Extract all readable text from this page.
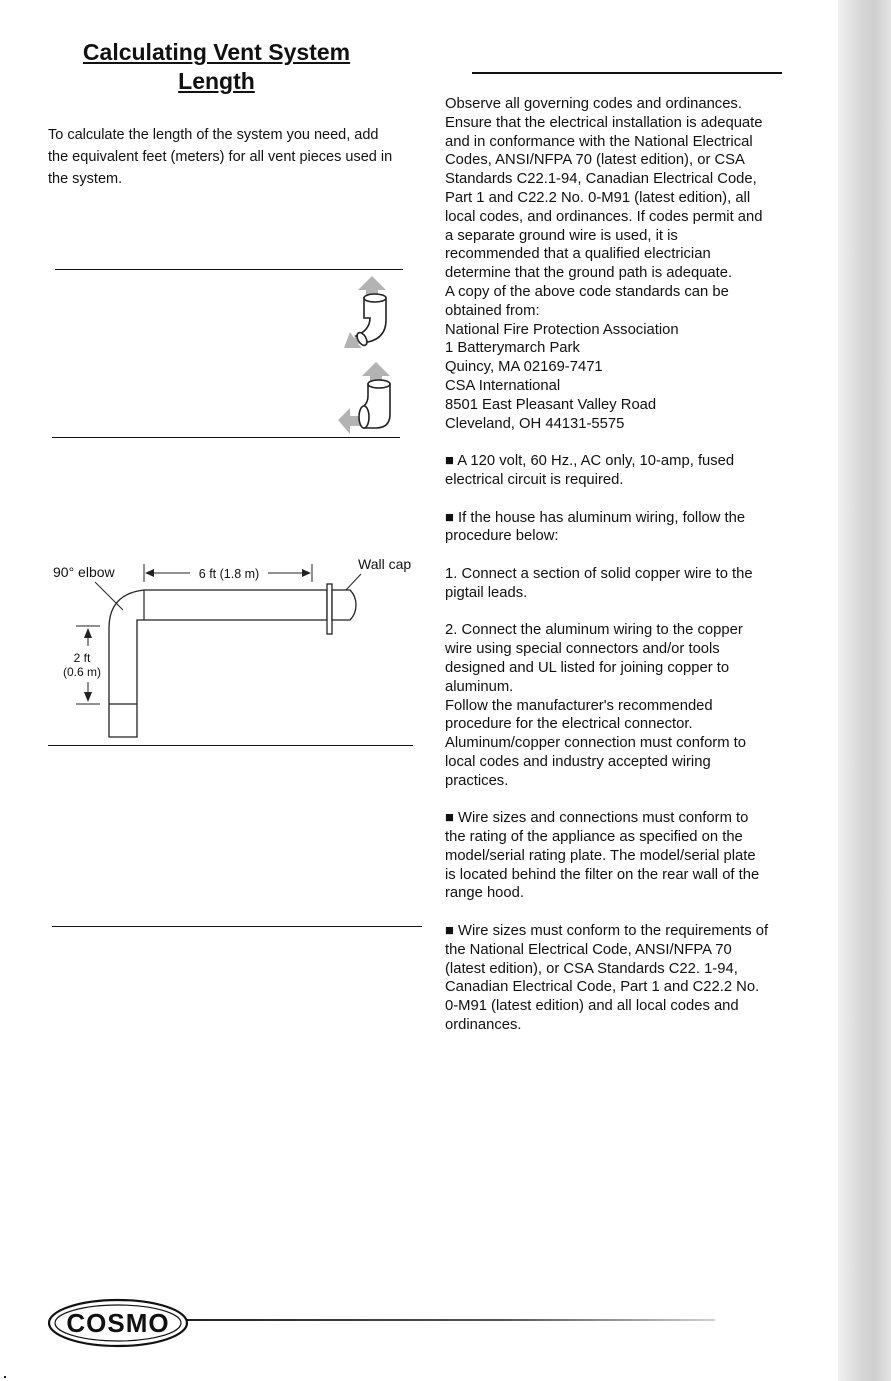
Calculating Vent System
Length
To calculate the length of the system you need, add the equivalent feet (meters) for all vent pieces used in the system.
90° elbow	6 ft (1.8 m)
Wall cap
2 ft
(0.6 m)

Observe all governing codes and ordinances.
Ensure that the electrical installation is adequate
and in conformance with the National Electrical
Codes, ANSI/NFPA 70 (latest edition), or CSA
Standards C22.1-94, Canadian Electrical Code,
Part 1 and C22.2 No. 0-M91 (latest edition), all
local codes, and ordinances. If codes permit and
a separate ground wire is used, it is
recommended that a qualified electrician
determine that the ground path is adequate.
A copy of the above code standards can be
obtained from:
National Fire Protection Association
1 Batterymarch Park
Quincy, MA 02169-7471
CSA International
8501 East Pleasant Valley Road
Cleveland, OH 44131-5575

■ A 120 volt, 60 Hz., AC only, 10-amp, fused
electrical circuit is required.

■ If the house has aluminum wiring, follow the
procedure below:

1. Connect a section of solid copper wire to the
pigtail leads.

2. Connect the aluminum wiring to the copper
wire using special connectors and/or tools
designed and UL listed for joining copper to
aluminum.
Follow the manufacturer's recommended
procedure for the electrical connector.
Aluminum/copper connection must conform to
local codes and industry accepted wiring
practices.

■ Wire sizes and connections must conform to
the rating of the appliance as specified on the
model/serial rating plate. The model/serial plate
is located behind the filter on the rear wall of the
range hood.

■ Wire sizes must conform to the requirements of
the National Electrical Code, ANSI/NFPA 70
(latest edition), or CSA Standards C22. 1-94,
Canadian Electrical Code, Part 1 and C22.2 No.
0-M91 (latest edition) and all local codes and
ordinances.

COSMO
